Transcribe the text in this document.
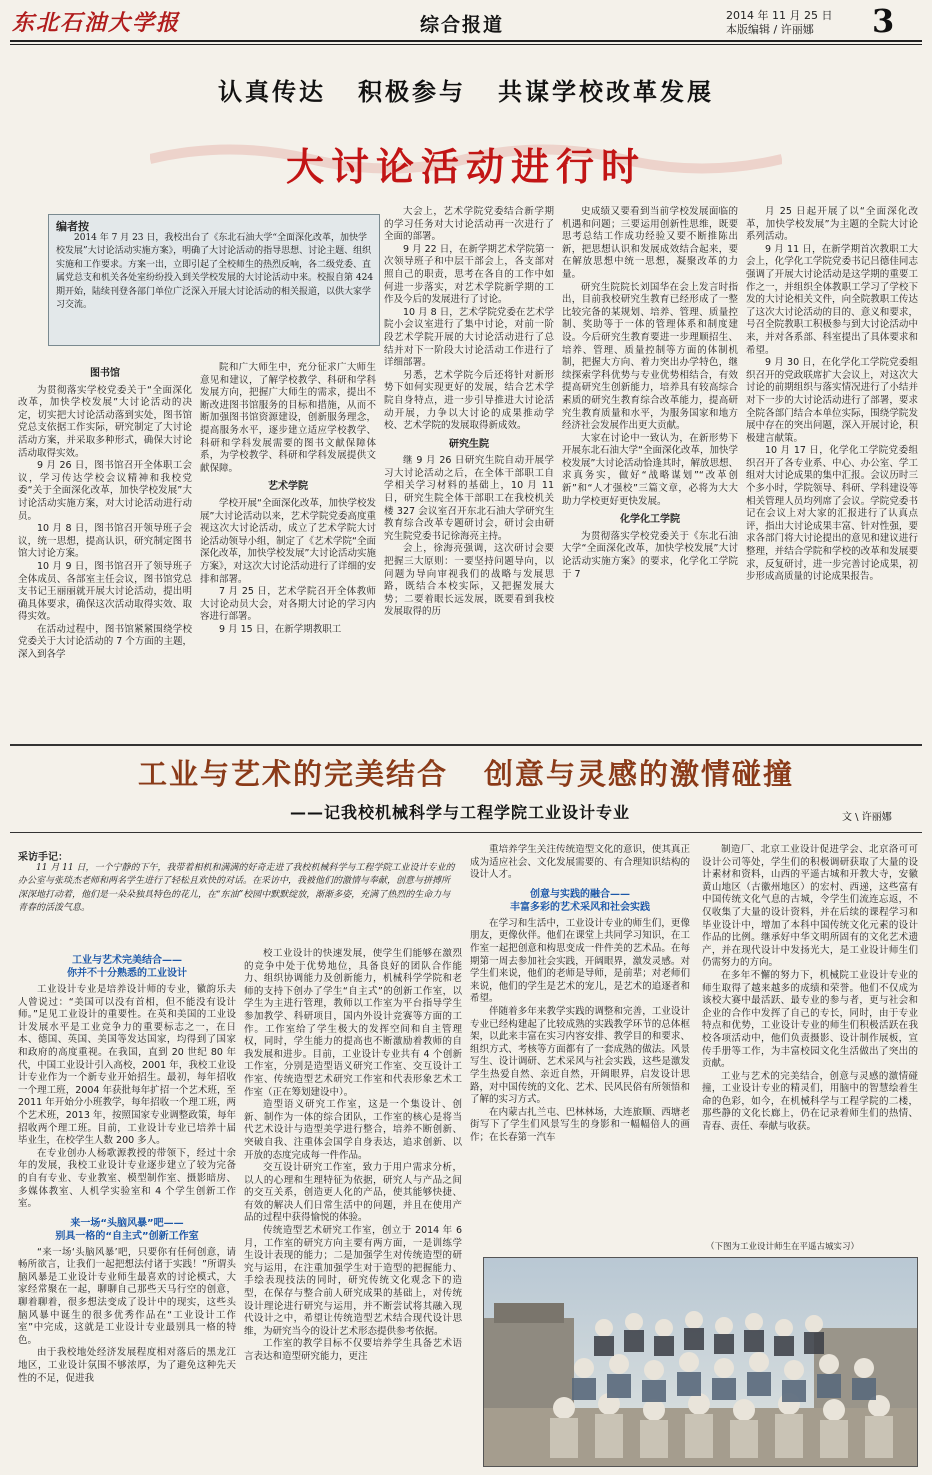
东北石油大学报	综合报道	2014 年 11 月 25 日
本版编辑 / 许丽娜	3
认真传达 积极参与 共谋学校改革发展
大讨论活动进行时
编者按
2014 年 7 月 23 日，我校出台了《东北石油大学“全面深化改革，加快学校发展”大讨论活动实施方案》，明确了大讨论活动的指导思想、讨论主题、组织实施和工作要求。方案一出，立即引起了全校师生的热烈反响，各二级党委、直属党总支和机关各处室纷纷投入到关学校发展的大讨论活动中来。校报自第 424 期开始，陆续刊登各部门单位广泛深入开展大讨论活动的相关报道，以供大家学习交流。
图书馆

为贯彻落实学校党委关于“全面深化改革，加快学校发展”大讨论活动的决定，切实把大讨论活动落到实处，图书馆党总支依据工作实际，研究制定了大讨论活动方案，并采取多种形式，确保大讨论活动取得实效。

9 月 26 日，图书馆召开全体职工会议，学习传达学校会议精神和我校党委“关于全面深化改革，加快学校发展”大讨论活动实施方案，对大讨论活动进行动员。

10 月 8 日，图书馆召开领导班子会议，统一思想，提高认识，研究制定图书馆大讨论方案。

10 月 9 日，图书馆召开了领导班子全体成员、各部室主任会议，图书馆党总支书记王丽丽就开展大讨论活动，提出明确具体要求，确保这次活动取得实效、取得实效。

在活动过程中，图书馆紧紧围绕学校党委关于大讨论活动的 7 个方面的主题，深入到各学

院和广大师生中，充分征求广大师生意见和建议，了解学校教学、科研和学科发展方向，把握广大师生的需求，提出不断改进图书馆服务的目标和措施，从而不断加强图书馆资源建设，创新服务理念，提高服务水平，逐步建立适应学校教学、科研和学科发展需要的图书文献保障体系，为学校教学、科研和学科发展提供文献保障。

艺术学院

学校开展“全面深化改革，加快学校发展”大讨论活动以来，艺术学院党委高度重视这次大讨论活动，成立了艺术学院大讨论活动领导小组，制定了《艺术学院“全面深化改革，加快学校发展”大讨论活动实施方案》，对这次大讨论活动进行了详细的安排和部署。

7 月 25 日，艺术学院召开全体教师大讨论动员大会，对各期大讨论的学习内容进行部署。

9 月 15 日，在新学期教职工

大会上，艺术学院党委结合新学期的学习任务对大讨论活动再一次进行了全面的部署。

9 月 22 日，在新学期艺术学院第一次领导班子和中层干部会上，各支部对照自己的职责，思考在各自的工作中如何进一步落实，对艺术学院新学期的工作及今后的发展进行了讨论。

10 月 8 日，艺术学院党委在艺术学院小会议室进行了集中讨论，对前一阶段艺术学院开展的大讨论活动进行了总结并对下一阶段大讨论活动工作进行了详细部署。

另悉，艺术学院今后还将针对新形势下如何实现更好的发展，结合艺术学院自身特点，进一步引导推进大讨论活动开展，力争以大讨论的成果推动学校、艺术学院的发展取得新成效。

研究生院

继 9 月 26 日研究生院自动开展学习大讨论活动之后，在全体干部职工自学相关学习材料的基础上，10 月 11 日，研究生院全体干部职工在我校机关楼 327 会议室召开东北石油大学研究生教育综合改革专题研讨会，研讨会由研究生院党委书记徐海亮主持。

会上，徐海亮强调，这次研讨会要把握三大原则：一要坚持问题导向，以问题为导向审视我们的战略与发展思路，既结合本校实际，又把握发展大势；二要着眼长远发展，既要看到我校发展取得的历

史成绩又要看到当前学校发展面临的机遇和问题；三要运用创新性思维，既要思考总结工作成功经验又要不断推陈出新，把思想认识和发展成效结合起来，要在解放思想中统一思想，凝聚改革的力量。

研究生院院长刘国华在会上发言时指出，目前我校研究生教育已经形成了一整比较完备的某规划、培养、管理、质量控制、奖助等于一体的管理体系和制度建设。今后研究生教育要进一步理顺招生、培养、管理、质量控制等方面的体制机制，把握大方向、着力突出办学特色，继续探索学科优势与专业优势相结合，有效提高研究生创新能力，培养具有较高综合素质的研究生教育综合改革能力，提高研究生教育质量和水平，为服务国家和地方经济社会发展作出更大贡献。

大家在讨论中一致认为，在新形势下开展东北石油大学“全面深化改革，加快学校发展”大讨论活动恰逢其时，解放思想、求真务实，做好“战略谋划”“改革创新”和“人才强校”三篇文章，必将为大大助力学校更好更快发展。

化学化工学院

为贯彻落实学校党委关于《东北石油大学“全面深化改革，加快学校发展”大讨论活动实施方案》的要求，化学化工学院于 7

月 25 日起开展了以“全面深化改革，加快学校发展”为主题的全院大讨论系列活动。

9 月 11 日，在新学期首次教职工大会上，化学化工学院党委书记吕德佳同志强调了开展大讨论活动是这学期的重要工作之一，并组织全体教职工学习了学校下发的大讨论相关文件，向全院教职工传达了这次大讨论活动的目的、意义和要求，号召全院教职工积极参与到大讨论活动中来，并对各系部、科室提出了具体要求和希望。

9 月 30 日，在化学化工学院党委组织召开的党政联席扩大会议上，对这次大讨论的前期组织与落实情况进行了小结并对下一步的大讨论活动进行了部署，要求全院各部门结合本单位实际，围绕学院发展中存在的突出问题，深入开展讨论，积极建言献策。

10 月 17 日，化学化工学院党委组织召开了各专业系、中心、办公室、学工组对大讨论成果的集中汇报。会议历时三个多小时，学院领导、科研、学科建设等相关管理人员均列席了会议。学院党委书记在会议上对大家的汇报进行了认真点评，指出大讨论成果丰富、针对性强，要求各部门将大讨论提出的意见和建议进行整理，并结合学院和学校的改革和发展要求，反复研讨，进一步完善讨论成果，初步形成高质量的讨论成果报告。

工业与艺术的完美结合 创意与灵感的激情碰撞
——记我校机械科学与工程学院工业设计专业	文 \ 许丽娜
采访手记：
11 月 11 日，一个宁静的下午，我带着相机和满满的好奇走进了我校机械科学与工程学院工业设计专业的办公室与张琰杰老师和两名学生进行了轻松且欢快的对话。在采访中，我被他们的激情与奉献，创意与拼搏所深深地打动着，他们是一朵朵独具特色的花儿，在“东油”校园中默默绽放，渐渐多姿，充满了热烈的生命力与青春的活泼气息。
工业与艺术完美结合——
你并不十分熟悉的工业设计

工业设计专业是培养设计师的专业，徽韵乐夫人曾说过：“美国可以没有首相，但不能没有设计师。”足见工业设计的重要性。在英和美国的工业设计发展水平是工业竞争力的重要标志之一，在日本、德国、英国、美国等发达国家，均得到了国家和政府的高度重视。在我国，直到 20 世纪 80 年代，中国工业设计引入高校，2001 年，我校工业设计专业作为一个新专业开始招生。最初，每年招收一个理工班，2004 年获批每年扩招一个艺术班，至 2011 年开始分小班教学，每年招收一个理工班，两个艺术班，2013 年，按照国家专业调整政策，每年招收两个理工班。目前，工业设计专业已培养十届毕业生，在校学生人数 200 多人。

在专业创办人杨歌源教授的带领下，经过十余年的发展，我校工业设计专业逐步建立了较为完备的自有专业、专业教室、模型制作室、摄影暗房、多媒体教室、人机学实验室和 4 个学生创新工作室。

来一场“头脑风暴”吧——
别具一格的“自主式”创新工作室

“来一场‘头脑风暴’吧，只要你有任何创意，请畅所欲言，让我们一起把想法付诸于实践！”所谓头脑风暴是工业设计专业师生最喜欢的讨论模式，大家经常聚在一起，聊聊自己那些天马行空的创意，聊着聊着，很多想法变成了设计中的现实，这些头脑风暴中诞生的很多优秀作品在“工业设计工作室”中完成，这就是工业设计专业最别具一格的特色。

由于我校地处经济发展程度相对落后的黑龙江地区，工业设计氛围不够浓厚，为了避免这种先天性的不足，促进我

校工业设计的快速发展，使学生们能够在激烈的竞争中处于优势地位，具备良好的团队合作能力、组织协调能力及创新能力，机械科学学院和老师的支持下创办了学生“自主式”的创新工作室，以学生为主进行管理，教师以工作室为平台指导学生参加教学、科研项目，国内外设计竞赛等方面的工作。工作室给了学生极大的发挥空间和自主管理权，同时，学生能力的提高也不断激励着教师的自我发展和进步。目前，工业设计专业共有 4 个创新工作室，分别是造型语义研究工作室、交互设计工作室、传统造型艺术研究工作室和代表形象艺术工作室（正在筹划建设中）。

造型语义研究工作室，这是一个集设计、创新、制作为一体的综合团队，工作室的核心是将当代艺术设计与造型美学进行整合，培养不断创新、突破自我、注重体会国学自身表达，追求创新、以开放的态度完成每一件作品。

交互设计研究工作室，致力于用户需求分析，以人的心理和生理特征为依据，研究人与产品之间的交互关系，创造更人化的产品，使其能够快捷、有效的解决人们日常生活中的问题，并且在使用产品的过程中获得愉悦的体验。

传统造型艺术研究工作室，创立于 2014 年 6 月，工作室的研究方向主要有两方面，一是训练学生设计表现的能力；二是加强学生对传统造型的研究与运用，在注重加强学生对于造型的把握能力、手绘表现技法的同时，研究传统文化观念下的造型，在保存与整合前人研究成果的基础上，对传统设计理论进行研究与运用，并不断尝试将其融入现代设计之中，希望让传统造型艺术结合现代设计思维，为研究当今的设计艺术形态提供参考依据。

工作室的教学目标不仅要培养学生具备艺术语言表达和造型研究能力，更注

重培养学生关注传统造型文化的意识，使其真正成为适应社会、文化发展需要的、有合理知识结构的设计人才。

创意与实践的融合——
丰富多彩的艺术采风和社会实践

在学习和生活中，工业设计专业的师生们，更像朋友，更像伙伴。他们在课堂上共同学习知识，在工作室一起把创意和构思变成一件件美的艺术品。在每期第一周去参加社会实践，开阔眼界，激发灵感。对学生们来说，他们的老师是导师，是前辈；对老师们来说，他们的学生是艺术的宠儿，是艺术的追逐者和希望。

伴随着多年来教学实践的调整和完善，工业设计专业已经构建起了比较成熟的实践教学环节的总体框架，以此来丰富在实习内容安排、教学目的和要求、组织方式、考核等方面都有了一套成熟的做法。风景写生、设计调研、艺术采风与社会实践，这些是激发学生热爱自然、亲近自然，开阔眼界，启发设计思路，对中国传统的文化、艺术、民风民俗有所领悟和了解的实习方式。

在内蒙古扎兰屯、巴林林场，大连旅顺、西塘老街写下了学生们风景写生的身影和一幅幅倍人的画作；在长春第一汽车

制造厂、北京工业设计促进学会、北京洛可可设计公司等处，学生们的积极调研获取了大量的设计素材和资料，山西的平遥古城和开教大寺，安徽黄山地区（古徽州地区）的宏村、西递，这些富有中国传统文化气息的古城，令学生们流连忘返，不仅收集了大量的设计资料，并在后续的课程学习和毕业设计中，增加了本科中国传统文化元素的设计作品的比例。继承好中华文明所固有的文化艺术遗产，并在现代设计中发扬光大，是工业设计师生们仍需努力的方向。

在多年不懈的努力下，机械院工业设计专业的师生取得了越来越多的成绩和荣誉。他们不仅成为该校大赛中最活跃、最专业的参与者，更与社会和企业的合作中发挥了自己的专长，同时，由于专业特点和优势，工业设计专业的师生们积极活跃在我校各项活动中，他们负责摄影、设计制作展板，宣传手册等工作，为丰富校园文化生活做出了突出的贡献。

工业与艺术的完美结合，创意与灵感的激情碰撞，工业设计专业的精灵们，用脑中的智慧绘着生命的色彩，如今，在机械科学与工程学院的二楼，那些静的文化长廊上，仍在记录着师生们的热情、青春、责任、奉献与收获。

（下图为工业设计师生在平遥古城实习）
